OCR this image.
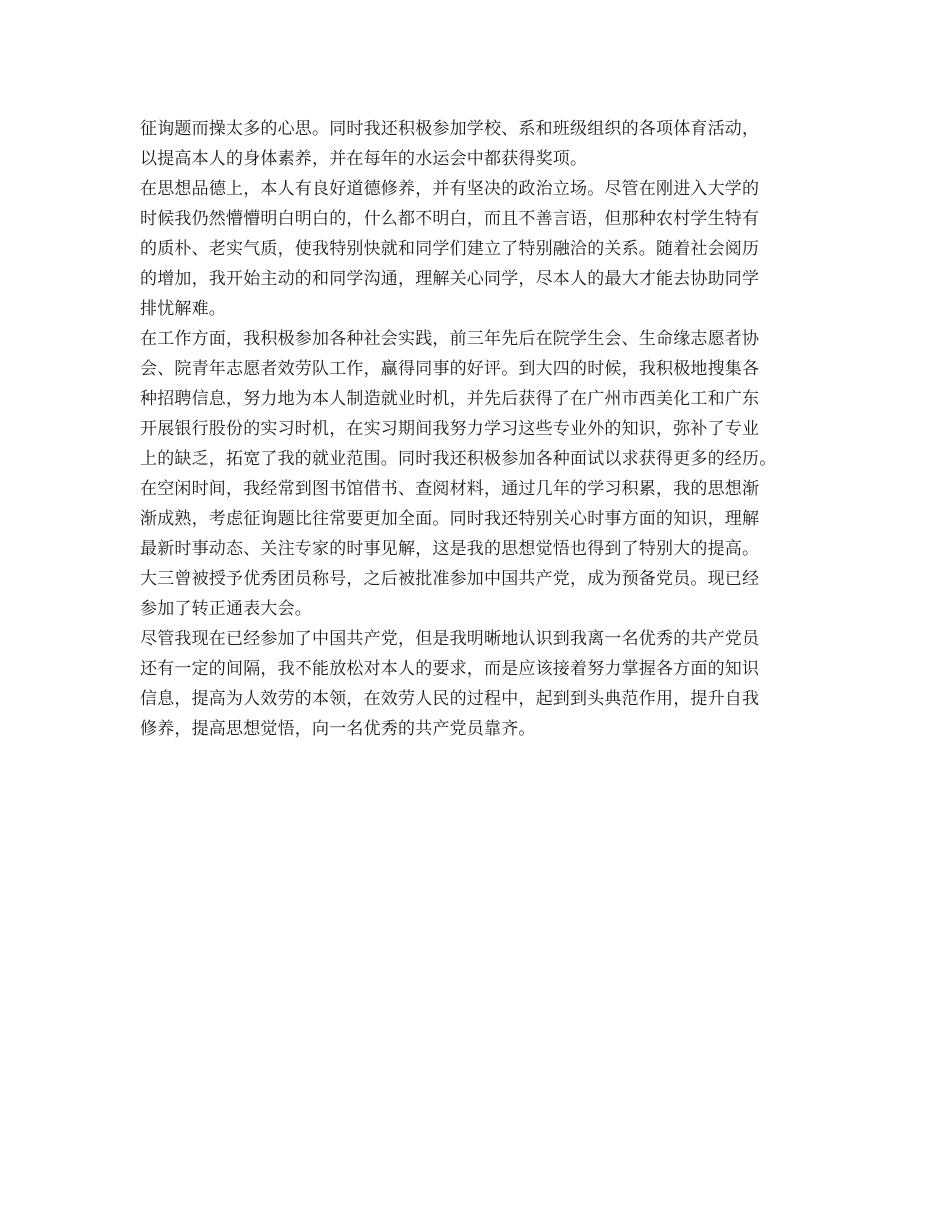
征询题而操太多的心思。同时我还积极参加学校、系和班级组织的各项体育活动，
以提高本人的身体素养，并在每年的水运会中都获得奖项。
在思想品德上，本人有良好道德修养，并有坚决的政治立场。尽管在刚进入大学的
时候我仍然懵懵明白明白的，什么都不明白，而且不善言语，但那种农村学生特有
的质朴、老实气质，使我特别快就和同学们建立了特别融洽的关系。随着社会阅历
的增加，我开始主动的和同学沟通，理解关心同学，尽本人的最大才能去协助同学
排忧解难。
在工作方面，我积极参加各种社会实践，前三年先后在院学生会、生命缘志愿者协
会、院青年志愿者效劳队工作，赢得同事的好评。到大四的时候，我积极地搜集各
种招聘信息，努力地为本人制造就业时机，并先后获得了在广州市西美化工和广东
开展银行股份的实习时机，在实习期间我努力学习这些专业外的知识，弥补了专业
上的缺乏，拓宽了我的就业范围。同时我还积极参加各种面试以求获得更多的经历。
在空闲时间，我经常到图书馆借书、查阅材料，通过几年的学习积累，我的思想渐
渐成熟，考虑征询题比往常要更加全面。同时我还特别关心时事方面的知识，理解
最新时事动态、关注专家的时事见解，这是我的思想觉悟也得到了特别大的提高。
大三曾被授予优秀团员称号，之后被批准参加中国共产党，成为预备党员。现已经
参加了转正通表大会。
尽管我现在已经参加了中国共产党，但是我明晰地认识到我离一名优秀的共产党员
还有一定的间隔，我不能放松对本人的要求，而是应该接着努力掌握各方面的知识
信息，提高为人效劳的本领，在效劳人民的过程中，起到到头典范作用，提升自我
修养，提高思想觉悟，向一名优秀的共产党员靠齐。
